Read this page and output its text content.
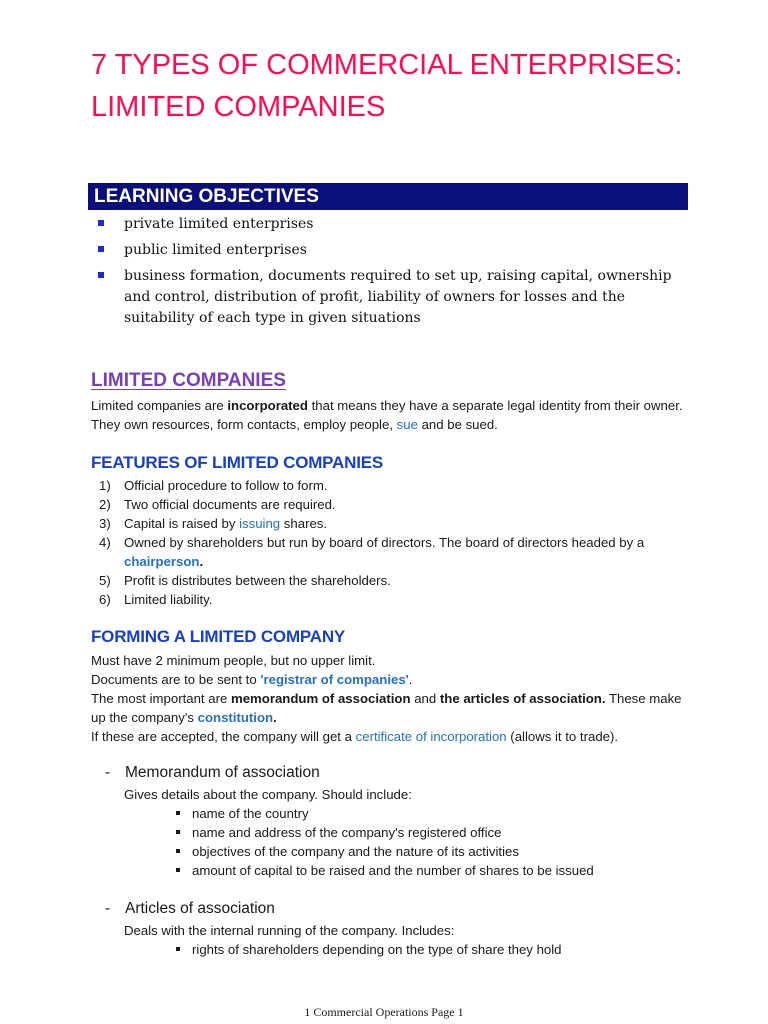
7 TYPES OF COMMERCIAL ENTERPRISES:
LIMITED COMPANIES
LEARNING OBJECTIVES
private limited enterprises
public limited enterprises
business formation, documents required to set up, raising capital, ownership and control, distribution of profit, liability of owners for losses and the suitability of each type in given situations
LIMITED COMPANIES

Limited companies are incorporated that means they have a separate legal identity from their owner. They own resources, form contacts, employ people, sue and be sued.

FEATURES OF LIMITED COMPANIES
1) Official procedure to follow to form.
2) Two official documents are required.
3) Capital is raised by issuing shares.
4) Owned by shareholders but run by board of directors. The board of directors headed by a chairperson.
5) Profit is distributes between the shareholders.
6) Limited liability.
FORMING A LIMITED COMPANY
Must have 2 minimum people, but no upper limit.
Documents are to be sent to 'registrar of companies'.
The most important are memorandum of association and the articles of association. These make up the company's constitution.
If these are accepted, the company will get a certificate of incorporation (allows it to trade).
- Memorandum of association

Gives details about the company. Should include:

name of the country
name and address of the company's registered office
objectives of the company and the nature of its activities
amount of capital to be raised and the number of shares to be issued
- Articles of association

Deals with the internal running of the company. Includes:

rights of shareholders depending on the type of share they hold
1 Commercial Operations Page 1
